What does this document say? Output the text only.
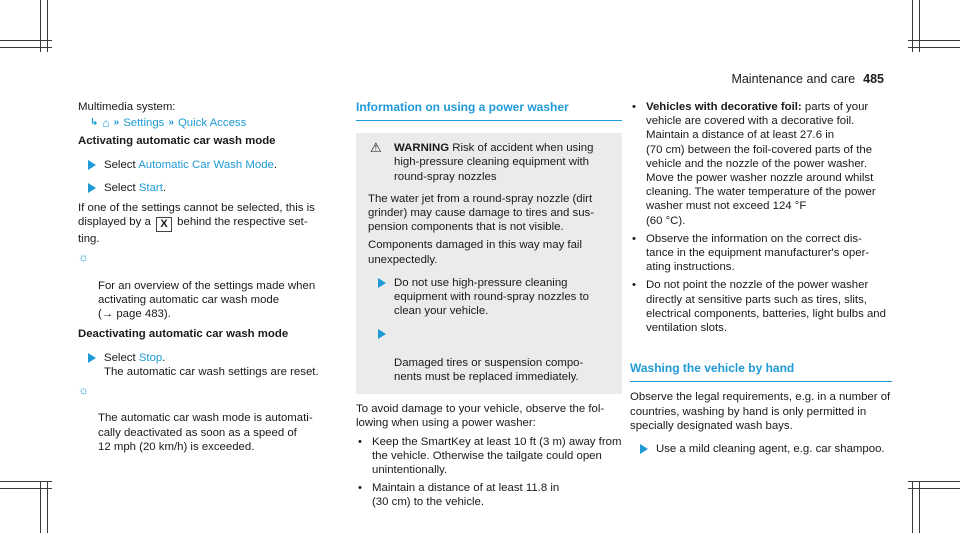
Maintenance and care 485

Multimedia system:

↳ ⌂ » Settings » Quick Access

Activating automatic car wash mode

Select Automatic Car Wash Mode.
Select Start.

If one of the settings cannot be selected, this is displayed by a X behind the respective set-
ting.

☼

For an overview of the settings made when activating automatic car wash mode
(→ page 483).

Deactivating automatic car wash mode

Select Stop.
The automatic car wash settings are reset.

☼

The automatic car wash mode is automati-
cally deactivated as soon as a speed of
12 mph (20 km/h) is exceeded.

Information on using a power washer
⚠ WARNING Risk of accident when using high-pressure cleaning equipment with round-spray nozzles

The water jet from a round-spray nozzle (dirt grinder) may cause damage to tires and sus-
pension components that is not visible.

Components damaged in this way may fail unexpectedly.

Do not use high-pressure cleaning equipment with round-spray nozzles to clean your vehicle.

Damaged tires or suspension compo-
nents must be replaced immediately.

To avoid damage to your vehicle, observe the fol-
lowing when using a power washer:

• Keep the SmartKey at least 10 ft (3 m) away from the vehicle. Otherwise the tailgate could open unintentionally.
• Maintain a distance of at least 11.8 in
(30 cm) to the vehicle.
• Vehicles with decorative foil: parts of your vehicle are covered with a decorative foil. Maintain a distance of at least 27.6 in
(70 cm) between the foil-covered parts of the vehicle and the nozzle of the power washer. Move the power washer nozzle around whilst cleaning. The water temperature of the power washer must not exceed 124 °F
(60 °C).
• Observe the information on the correct dis-
tance in the equipment manufacturer's oper-
ating instructions.
• Do not point the nozzle of the power washer directly at sensitive parts such as tires, slits, electrical components, batteries, light bulbs and ventilation slots.
Washing the vehicle by hand

Observe the legal requirements, e.g. in a number of countries, washing by hand is only permitted in specially designated wash bays.

Use a mild cleaning agent, e.g. car shampoo.
